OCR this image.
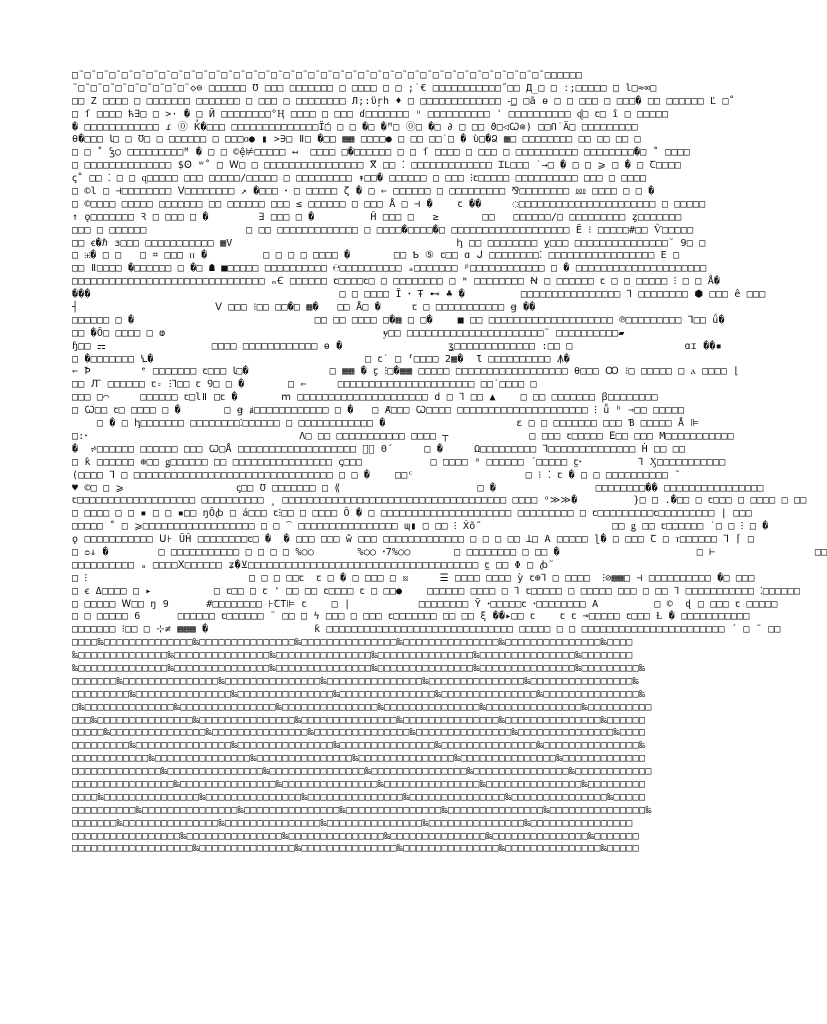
□˜□˜□˜□˜□˜□˜□˜□˜□˜□˜□˜□˜□˜□˜□˜□˜□˜□˜□˜□˜□˜□˜□˜□˜□˜□˜□˜□˜□˜□˜□˜□˜□˜□˜□˜□˜□˜□˜□□□□□□
˜□˜□˜□˜□˜□˜□˜□˜□˜□˜◇⊖ □□□□□□ Ʊ □□□ □□□□□□□ □ □□□□ □ □ ;˙€ □□□□□□□□□□□˝□□ Д̲□ □ ː;□□□□□ □ l□≈∞□
□□ Ζ □□□□ □ □□□□□□□ □□□□□□□ □ □□□ □ □□□□□□□□ Л;:ϋŗh ♦ □ □□□□□□□□□□□□□ -͟□ □ã ɵ □ □ □□□ □ □□□� □□ □□□□□□ Ľ □˚
□ ſ □□□□ ћ∃□ □ >· � □ Й □□□□□□□□°Ӊ □□□□ □ □□□ ɗ□□□□□□□ ᵘ □□□□□□□□□□ ʾ □□□□□□□□□□ ᶑ□ ꞇ□ î □ □□□□□
� □□□□□□□□□□□□ ɾ 🄋 K̓�□□□ □□□□□□□□□□□□□□Ḯ□ □ □ �□ �ᴹ□ 🄋□ �□ ∂ □ □□ ϑ□◁Ꞷ⊗) □□Ո˙Ä□ □□□□□□□□□
θ�□□□ Ꙇ□ □ Ʊ□ □ □□□□□□ □ □□□ᴏ● ▮ >∋□ ǁ□ �□□ ▦▦ □□□□● □ □□ □□˙□ � ὺ□�Ձ ▦□ □□□□□□□□ □□ □□ □□ □
□ □ ˚ Ꝣ◯ □□□□□□□□□ᴹ � □ □ ©ệ⊭□□□□□ ↤  □□□□ □�□□□□□□ □ □ ſ □□□□ □ □□□ □ □□□□□□□□□□ □□□□□□□□�□ ˚ □□□□
□ □□□□□□□□□□□□□□ $Ꙩ ʷ˚ □ Ꮃ□ □ □□□□□□□□□□□□□□□□ ⴳ □□ ⁚ □□□□□□□□□□□□□ ꞮL□□□ ˙→□ � □ □ ⩾ □ � □ Ꞇ□□□□
ꞔ˚ □□ ⁚ □ □ ɋ□□□□□ □□□ □□□□□/□□□□□ □ □□□□□□□□□ ↟□□� □□□□□□ □ □□□ ⁝ꞇ□□□□□ □□□□□□□□□□ □□□ □ □□□□
□ ©l □ ⊣□□□□□□□□ ᐯ□□□□□□□□ ↗ �□□□ ꞏ □ □□□□□ ζ � □ ⇐ □□□□□□ □ □□□□□□□□□ ⅋□□□□□□□□ ⅏ □□□□ □ □ �
□ ©□□□□ □□□□□ □□□□□□□ □□ □□□□□□ □□□ ≤ □□□□□□ □ □□□ Å □ ⊣ �    ꞇ ��     ◌□□□□□□□□□□□□□□□□□□□□□□ □ □□□□□
↑ ǫ□□□□□□□ Ꝛ □ □□□ □ �        ∃ □□□ □ �         Ĥ □□□ □   ≥       □□   □□□□□□/□ □□□□□□□□□ ȥ□□□□□□□
□□□ □ □□□□□□                □ □□ □□□□□□□□□□□□□ □ □□□□�□□□□�□ □□□□□□□□□□□□□□□□□□□ Ë ⁝ □□□□□#□□ Ѷ□□□□□
□□ ꞓ�ℏ ɜ□□□ □□□□□□□□□□□ ▦V                                    ꞕ □□ □□□□□□□□ ỵ□□□ □□□□□□□□□□□□□□□˜ 9□ □
□ ⁜� □ □   □ ⌗ □□□ ⲡ �         □ □ □ □ □□□□ �       □□ Ƅ ⑤ ꞇ□□ ɑ ᒍ □□□□□□□□⁚ □□□□□□□□□□□□□□□□□ Ε □
□□ ǁ□□□□ �□□□□□□ □ �□ ☗ ■□□□□□ □□□□□□□□□□ ℮□□□□□□□□□□ ₐ□□□□□□□ ᵖ□□□□□□□□□□□□ □ � □□□□□□□□□□□□□□□□□□□□□
□□□□□□□□□□□□□□□□□□□□□□□□□□□□□□□ ₘꞒ □□□□□□ ꞇ□□□□ꞇ□ □ □□□□□□□□ □ ᶰ □□□□□□□□ Ꞥ □ □□□□□□ ꞇ □ □ □□□□□ ⁝ □ □ Å�
���                                        □ □ □□□□ Ῐ ꞏ Ŧ ⊷ ♣ �         □□□□□□□□□□□□□□□□ Ꞁ □□□□□□□□ ⬢ □□□ ê □□□
┤                      ᐯ □□□ ⁝□□ □□�□ ▦�   □□ Å□ �     ꞇ □ □□□□□□□□□□□ ꞡ ��
□□□□□□ □ �                             □□ □□ □□□□ □�▦ □ □�    ■ □□ □□□□□□□□□□□□□□□□□□□□ ℗□□□□□□□□□ Ꞁ□□ ǘ�
□□ �Ȏ□ □□□□ □ ⱷ                                   ɏ□□ □□□□□□□□□□□□□□□□□□□□□□˜ □□□□□□□□□□▰
ɧ□□ ⚎                 □□□□ □□□□□□□□□□□□ ɵ �                 ʓ□□□□□□□□□□□□□ :□□ □                  ɑɪ ��▪
□ �□□□□□□□ Ꝇ�                                  □ ꞇ˙ □ ⸢□□□□ 2▦�  Ɩ □□□□□□□□□□ Ꙟ�
⇐ Ꝥ        ᵉ □□□□□□□ ꞇ□□□ Ꙇ□�             □ ▦▦ � ꞇ̬ ⁝□�▦▦ □□□□□ □□□□□□□□□□□□□□□□□□ θ□□□ Ꝏ ⁝□ □□□□□ □ ⲁ □□□□ ⌊
□□ Ꙥ □□□□□□ ꞇ꞊ ⁝Ꞁ□□ ꞇ Ꝯ□ □ �       □ ⇐     □□□□□□□□□□□□□□□□□□□□□□ □□˙□□□□ □
□□□ □⌒     □□□□□□ ꞇ□lǁ □ꞇ �       ⅿ □□□□□□□□□□□□□□□□□□□□□ d □ Ꞁ □□ ▲    □ □□ □□□□□□□ ꞵ□□□□□□□□
□ Ꞷ□□ ꞇ□ □□□□ □ �       □ ꞡ ⱥ□□□□□□□□□□□□ □ �   □ Ⱥ□□□ Ꞷ□□□□ □□□□□□□□□□□□□□□□□□□□□ ⁝ ǚ ᵇ ⇒□□ □□□□□
□ � □ ꞕ□□□□□□□ □□□□□□□□⁚□□□□□□ □ □□□□□□□□□□□□ �                     ɛ □ □ □□□□□□□ □□□ Ɓ □□□□□ Å ⊫
□:ꞏ                                  Λ□ □□ □□□□□□□□□□□ □□□□ ┬             □ □□□ ꞇ□□□□□ ⴹ□□ □□□ M□□□□□□□□□□□
�  ⩫□□□□□□ □□□□□□ □□□ Ꞷ□Å □□□□□□□□□□□□□□□□□□□ ꞇ⃗ Θ́      □ �     Ω□□□□□□□□□ Ꞁ□□□□□□□□□□□□□□ Ḣ □□ □□
□ ƙ □□□□□□ ⊕□□ ǥ□□□□□□ □□ □□□□□□□□□□□□□□□□ ꞔ□□□           □ □□□□ ᵃ □□□□□□ ´□□□□□ ꞇ̫ꞏ         Ꞁ Ӽ□□□□□□□□□□□
(□□□□ Ꞁ □ □□□□□□□□□□□□□□□□□□□□□□□□□□□□□□□□ □ □ �    □□ᶜ                  □ ⁝ ⁚ ꞇ � □ □ □□□□□□□□□□ ˜
♥ ©□ □ ⩾                  ꞔ□□ Ʊ □□□□□□□ □ ⟪                      □ �                □□□□□□□□�� □□□□□□□□□□□□□□□□
ꞇ□□□□□□□□□□□□□□□□□□□ □□□□□□□□□□ ˳ □□□□□□□□□□□□□□□□□□□□□□□□□□□□□□□□□□□□ □□□□ ᵒ≫≫�         }□ □ .�□□ □ ꞇ□□□ □ □□□□ □ □□
□ □□□□ □ □ ▪ □ □ ▪□□ ŋŌꞗ □ á□□□ ꞇ⁝□□ □ □□□□ Ô � □ □□□□□□□□□□□□□□□□□□□□□ □□□□□□□□□ □ ꞇ□□□□□□□□□ꞇ□□□□□□□□□ | □□□
□□□□□ ˚ □ ⩾□□□□□□□□□□□□□□□□□□ □ □ ⁀ □□□□□□□□□□□□□□□□ ɰ▮ □ □□ ⁝ Ẋõ˝                     □□ ǥ □□ ꞇ□□□□□□ ˙□ □ ⁝ □ �
ǫ □□□□□□□□□□□ ᑌ꜔ ŪĤ □□□□□□□□ꞇ□ �  � □□□ □□□ ŵ □□□ □□□□□□□□□□□□□ □ □ □ □□ Ʇ□ Α □□□□□ ɭ� □ □□□ Ꞇ □ ⲧ□□□□□□ Ꞁ ⌈ □
□ ᴑ↓ �        □ □□□□□□□□□□□ □ □ □ □ %○○       %○○ ꞏ7%○○       □ □□□□□□□□ □ □□ �                      □ ⊢                □□
□□□□□□□□□□ ₐ □□□□Ⅹ□□□□□□ ʑ�⊻□□□□□□□□□□□□□□□□□□□□□□□□□□□□□□□□□□□□□ ꞇ̲ □□ Φ □ ꞗ˜
□ ⁝                          □ □ □ □□ꞇ  ꞇ □ � □ □□□ □ ☒     ☰ □□□□ □□□□ ỳ ꞇ⊕Ꞁ □ □□□□  ⁝⊘▦▦□ ⊣ □□□□□□□□□□ �□ □□□
□ ꞓ Δ□□□□ □ ▸          □ ꞇ□□ □ ꞇ ꞌ □□ □□ ꞇ□□□□ ꞇ □ □□●    □□□□□□ □□□□ □ Ꞁ ꞇ□□□□□ □ □□□□□ □□□ □ □□ Ꞁ □□□□□□□□□□□ ⁚□□□□□□
□ □□□□□ Ꮃ□□ ŋ 9      #□□□□□□□□ ⊦ꞆT⊫ ꞇ    □ |           □□□□□□□□ Ỹ ꞏ□□□□□ꞇ ꞏ□□□□□□□□ Α         □ ©  ɖ □ □□□ ꞇ □□□□□
□ □ □□□□□ 6      □□□□□□ ꞇ□□□□□□ ˜ □□ □ ϟ □□□ □ □□□ ꞇ□□□□□□□ □□ □□ ξ ��▸□□ ꞇ    ꞇ ꞇ ⊸□□□□□ ꞇ□□□ Ɫ � □□□□□□□□□□□
□□□□□□□ ⁝□□ □ ⊹≠ ▦▦▦ �                 ƙ □□□□□□□□□□□□□□□□□□□□□□□□□□□□□□ □□□□□ □ □ □□□□□□□□□□□□□□□□□□□□□□□ ´ □ ˜ □□
□□□□‰□□□□□□□□□□□□□□‰□□□□□□□□□□□□□□□‰□□□□□□□□□□□□□□□‰□□□□□□□□□□□□□□□‰□□□□□□□□□□□□□□□‰□□□□
‰□□□□□□□□□□□□□□‰□□□□□□□□□□□□□□□‰□□□□□□□□□□□□□□□‰□□□□□□□□□□□□□□□‰□□□□□□□□□□□□□□□‰□□□□□□□□
‰□□□□□□□□□□□□□□‰□□□□□□□□□□□□□□□‰□□□□□□□□□□□□□□□‰□□□□□□□□□□□□□□□‰□□□□□□□□□□□□□□□‰□□□□□□□□□‰
□□□□□□□‰□□□□□□□□□□□□□□□‰□□□□□□□□□□□□□□□‰□□□□□□□□□□□□□□□‰□□□□□□□□□□□□□□□‰□□□□□□□□□□□□□□□□‰
□□□□□□□□□‰□□□□□□□□□□□□□□□‰□□□□□□□□□□□□□□□‰□□□□□□□□□□□□□□□‰□□□□□□□□□□□□□□□‰□□□□□□□□□□□□□□□‰
□‰□□□□□□□□□□□□□□‰□□□□□□□□□□□□□□□‰□□□□□□□□□□□□□□□‰□□□□□□□□□□□□□□□‰□□□□□□□□□□□□□□□‰□□□□□□□□□□
□□□‰□□□□□□□□□□□□□□□‰□□□□□□□□□□□□□□□‰□□□□□□□□□□□□□□□‰□□□□□□□□□□□□□□□‰□□□□□□□□□□□□□□□‰□□□□□□
□□□□□‰□□□□□□□□□□□□□□□‰□□□□□□□□□□□□□□□‰□□□□□□□□□□□□□□□‰□□□□□□□□□□□□□□□‰□□□□□□□□□□□□□□□‰□□□□
□□□□□□□□□‰□□□□□□□□□□□□□□□‰□□□□□□□□□□□□□□□‰□□□□□□□□□□□□□□□‰□□□□□□□□□□□□□□□‰□□□□□□□□□□□□□□□‰
□□□□□□□□□□□□‰□□□□□□□□□□□□□□□‰□□□□□□□□□□□□□□□‰□□□□□□□□□□□□□□□‰□□□□□□□□□□□□□□□‰□□□□□□□□□□□□□
□□□□□□□□□□□□□□‰□□□□□□□□□□□□□□□‰□□□□□□□□□□□□□□□‰□□□□□□□□□□□□□□□‰□□□□□□□□□□□□□□□‰□□□□□□□□□□□□
□□□□□□□□□□□□□□□□‰□□□□□□□□□□□□□□□‰□□□□□□□□□□□□□□□‰□□□□□□□□□□□□□□□‰□□□□□□□□□□□□□□□‰□□□□□□□□□
□□□□‰□□□□□□□□□□□□□□□‰□□□□□□□□□□□□□□□‰□□□□□□□□□□□□□□□‰□□□□□□□□□□□□□□□‰□□□□□□□□□□□□□□□‰□□□□□
□□□□□□□□□□‰□□□□□□□□□□□□□□□‰□□□□□□□□□□□□□□□‰□□□□□□□□□□□□□□□‰□□□□□□□□□□□□□□□‰□□□□□□□□□□□□□□□‰
□□□□□□□‰□□□□□□□□□□□□□□□‰□□□□□□□□□□□□□□□‰□□□□□□□□□□□□□□□‰□□□□□□□□□□□□□□□‰□□□□□□□□□□□□□□□□
□□□□□□□□□□□□□□□□□‰□□□□□□□□□□□□□□□‰□□□□□□□□□□□□□□□‰□□□□□□□□□□□□□□□‰□□□□□□□□□□□□□□□‰□□□□□□□
□□□□□□□□□□□□□□□□□□□‰□□□□□□□□□□□□□□□‰□□□□□□□□□□□□□□□‰□□□□□□□□□□□□□□□‰□□□□□□□□□□□□□□□‰□□□□□
